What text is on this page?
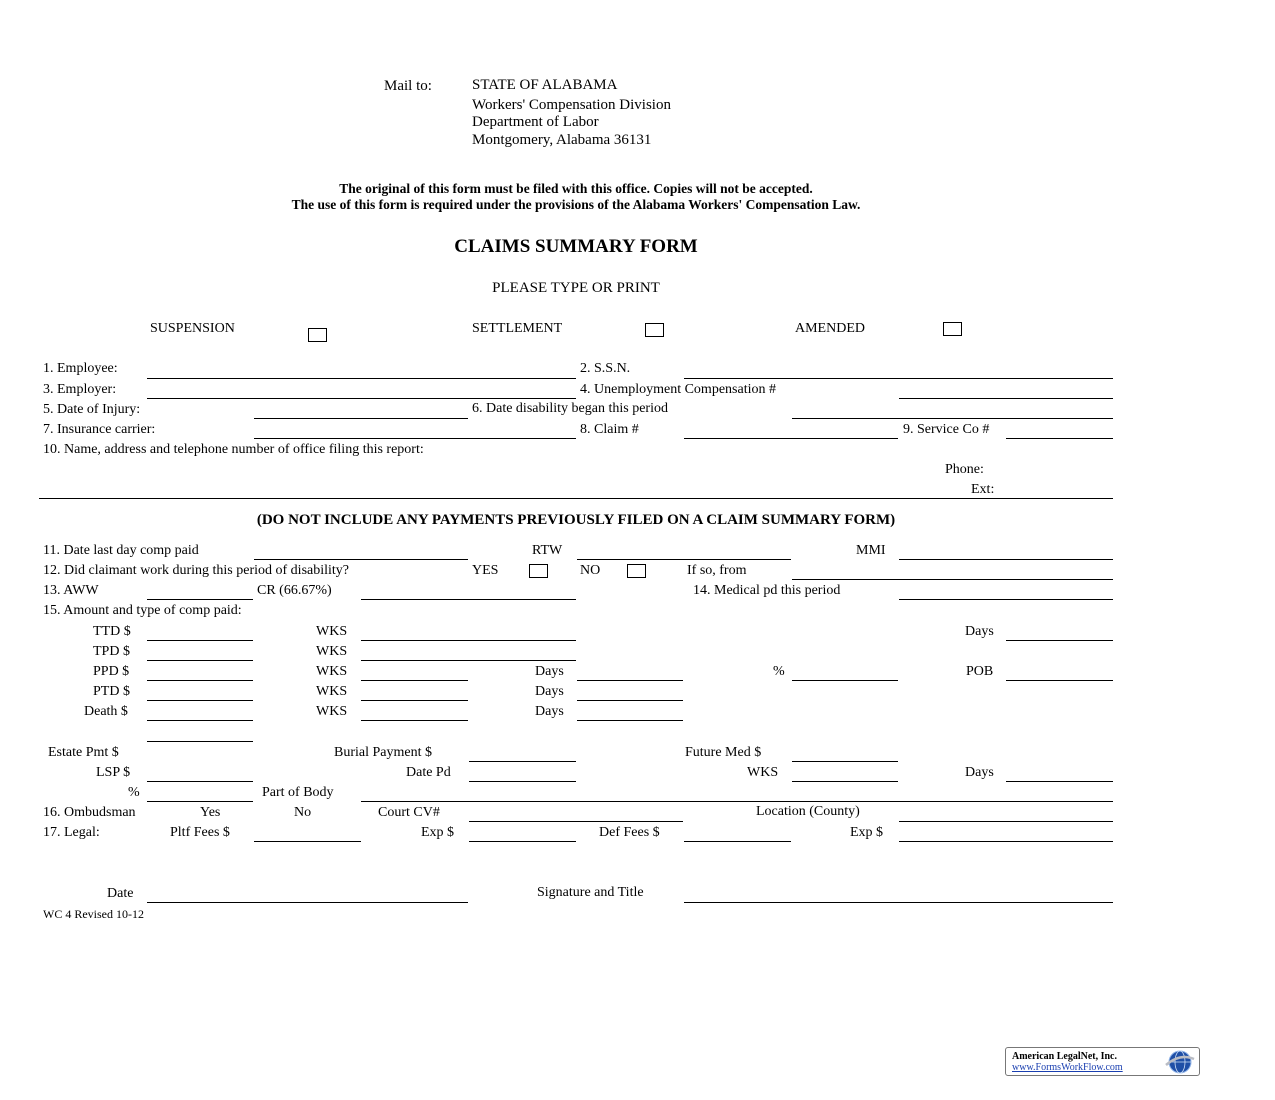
Mail to:	STATE OF ALABAMA
Workers' Compensation Division
Department of Labor
Montgomery, Alabama 36131
The original of this form must be filed with this office. Copies will not be accepted.
The use of this form is required under the provisions of the Alabama Workers' Compensation Law.
CLAIMS SUMMARY FORM
PLEASE TYPE OR PRINT
SUSPENSION	SETTLEMENT	AMENDED
1. Employee:	2. S.S.N.
3. Employer:	4. Unemployment Compensation #
5. Date of Injury:	6. Date disability began this period
7. Insurance carrier:	8. Claim #	9. Service Co #
10. Name, address and telephone number of office filing this report:
Phone:
Ext:
(DO NOT INCLUDE ANY PAYMENTS PREVIOUSLY FILED ON A CLAIM SUMMARY FORM)
11. Date last day comp paid	RTW	MMI
12. Did claimant work during this period of disability?	YES	NO	If so, from
13. AWW	CR (66.67%)	14. Medical pd this period
15. Amount and type of comp paid:
TTD $	WKS	Days
TPD $	WKS
PPD $	WKS	Days	%	POB
PTD $	WKS	Days
Death $	WKS	Days
Estate Pmt $	Burial Payment $	Future Med $
LSP $	Date Pd	WKS	Days
%	Part of Body
16. Ombudsman	Yes	No	Court CV#	Location (County)
17. Legal:	Pltf Fees $	Exp $	Def Fees $	Exp $
Date	Signature and Title
WC 4 Revised 10-12
American LegalNet, Inc.
www.FormsWorkFlow.com
